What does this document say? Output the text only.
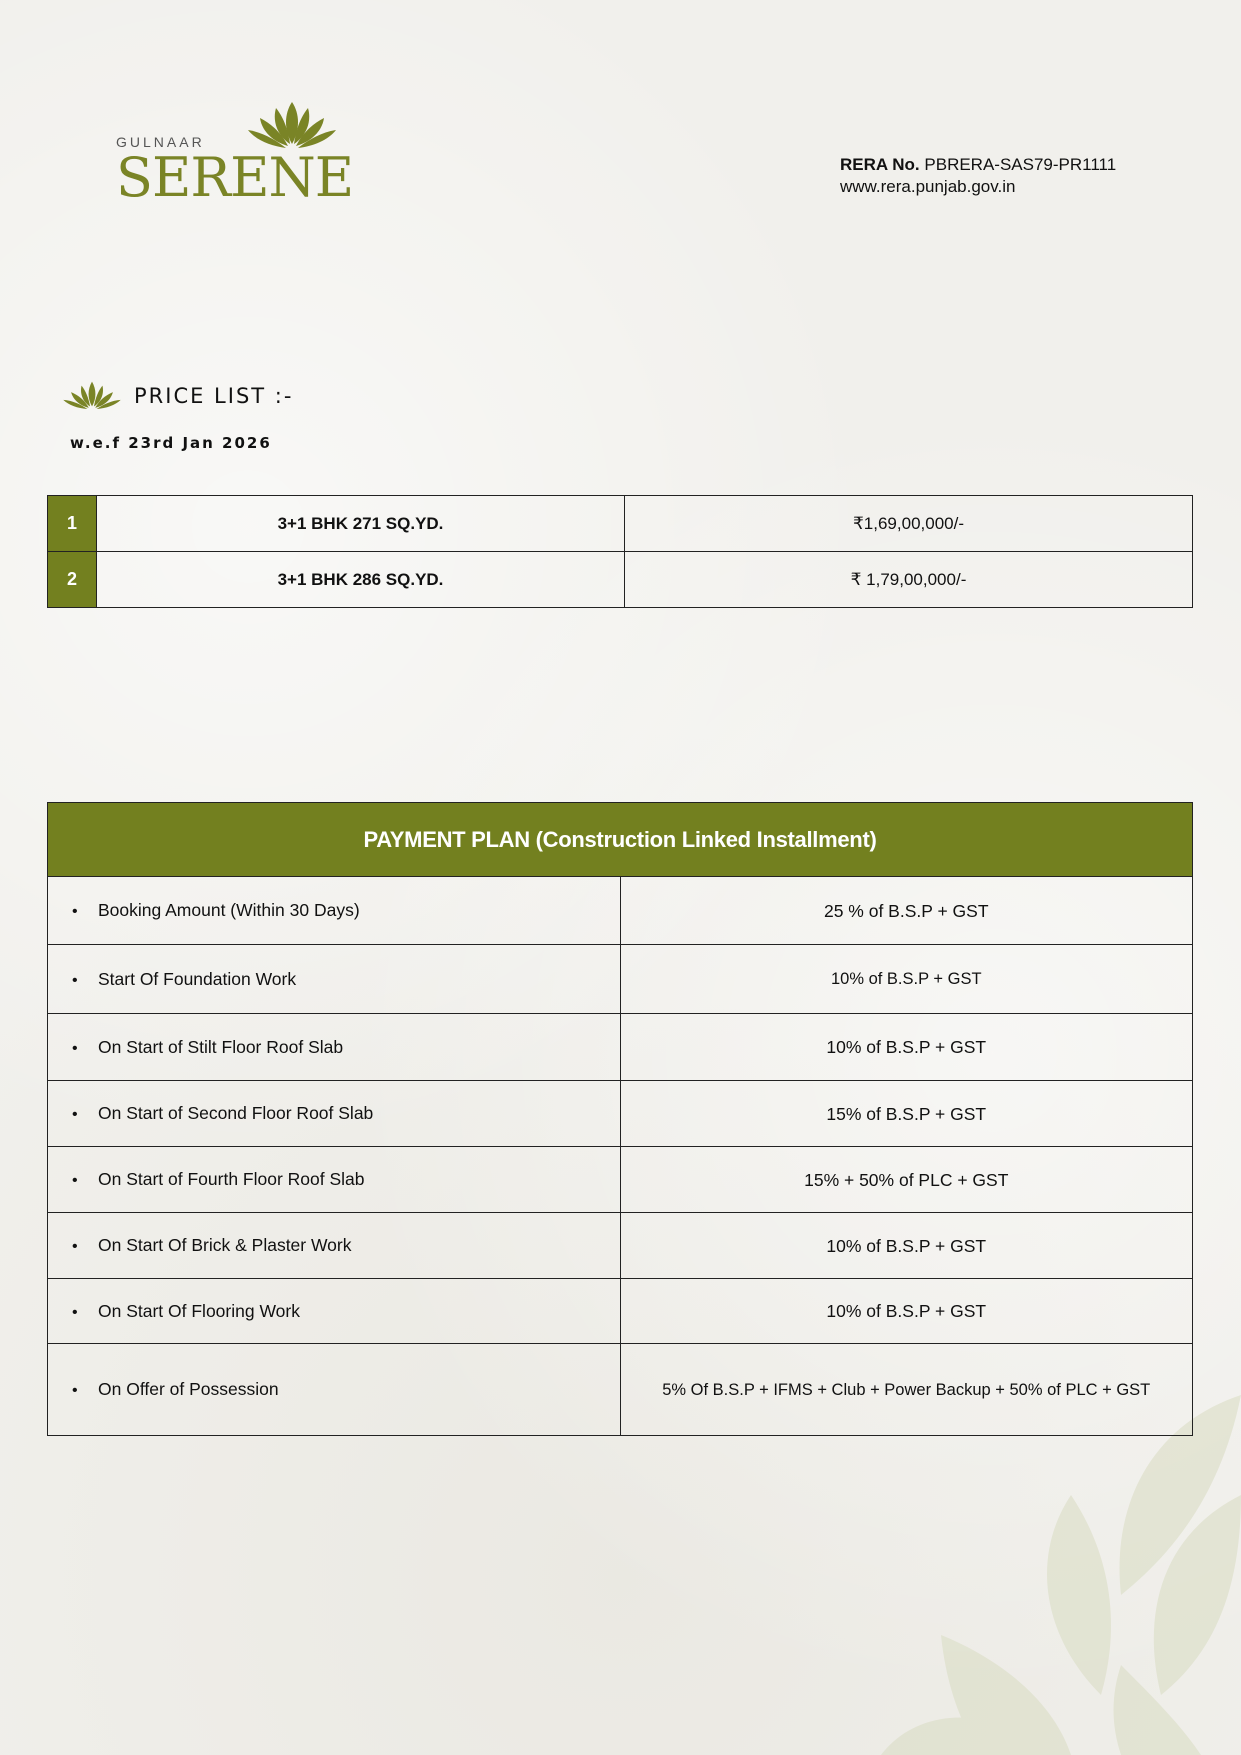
GULNAAR
SERENE	RERA No. PBRERA-SAS79-PR1111
www.rera.punjab.gov.in
PRICE LIST :-
w.e.f 23rd Jan 2026
1	3+1 BHK 271 SQ.YD.	₹1,69,00,000/-
2	3+1 BHK 286 SQ.YD.	₹ 1,79,00,000/-
PAYMENT PLAN (Construction Linked Installment)	
• Booking Amount (Within 30 Days)	25 % of B.S.P + GST
• Start Of Foundation Work	10% of B.S.P + GST
• On Start of Stilt Floor Roof Slab	10% of B.S.P + GST
• On Start of Second Floor Roof Slab	15% of B.S.P + GST
• On Start of Fourth Floor Roof Slab	15% + 50% of PLC + GST
• On Start Of Brick & Plaster Work	10% of B.S.P + GST
• On Start Of Flooring Work	10% of B.S.P + GST
• On Offer of Possession	5% Of B.S.P + IFMS + Club + Power Backup + 50% of PLC + GST
